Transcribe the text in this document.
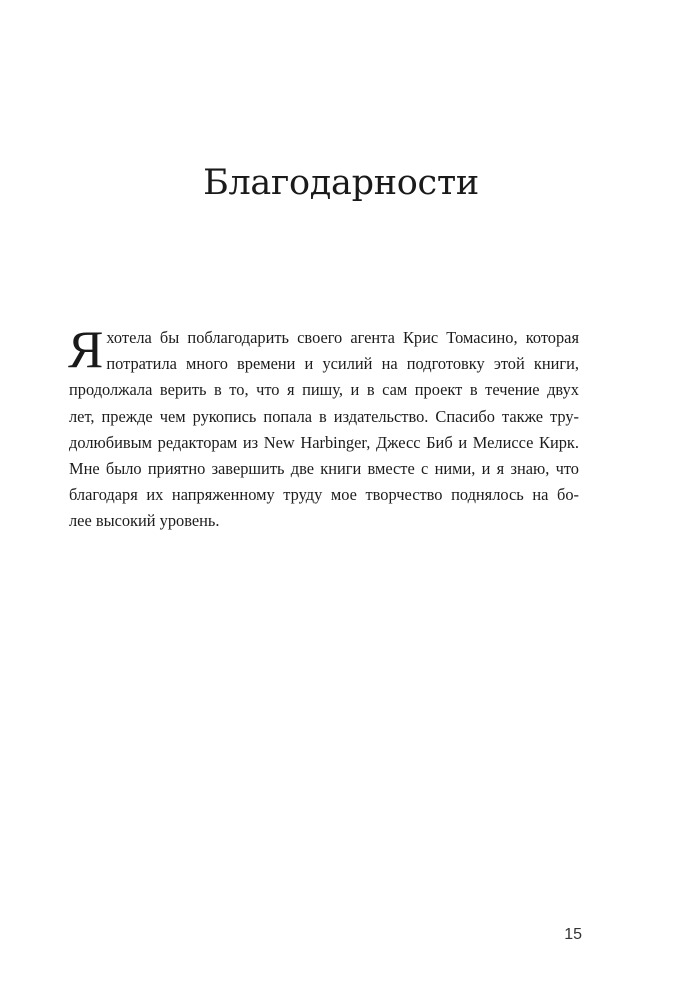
Благодарности
Я хотела бы поблагодарить своего агента Крис Томасино, которая
потратила много времени и усилий на подготовку этой книги,
продолжала верить в то, что я пишу, и в сам проект в течение двух
лет, прежде чем рукопись попала в издательство. Спасибо также тру-
долюбивым редакторам из New Harbinger, Джесс Биб и Мелиссе Кирк.
Мне было приятно завершить две книги вместе с ними, и я знаю, что
благодаря их напряженному труду мое творчество поднялось на бо-
лее высокий уровень.
15
